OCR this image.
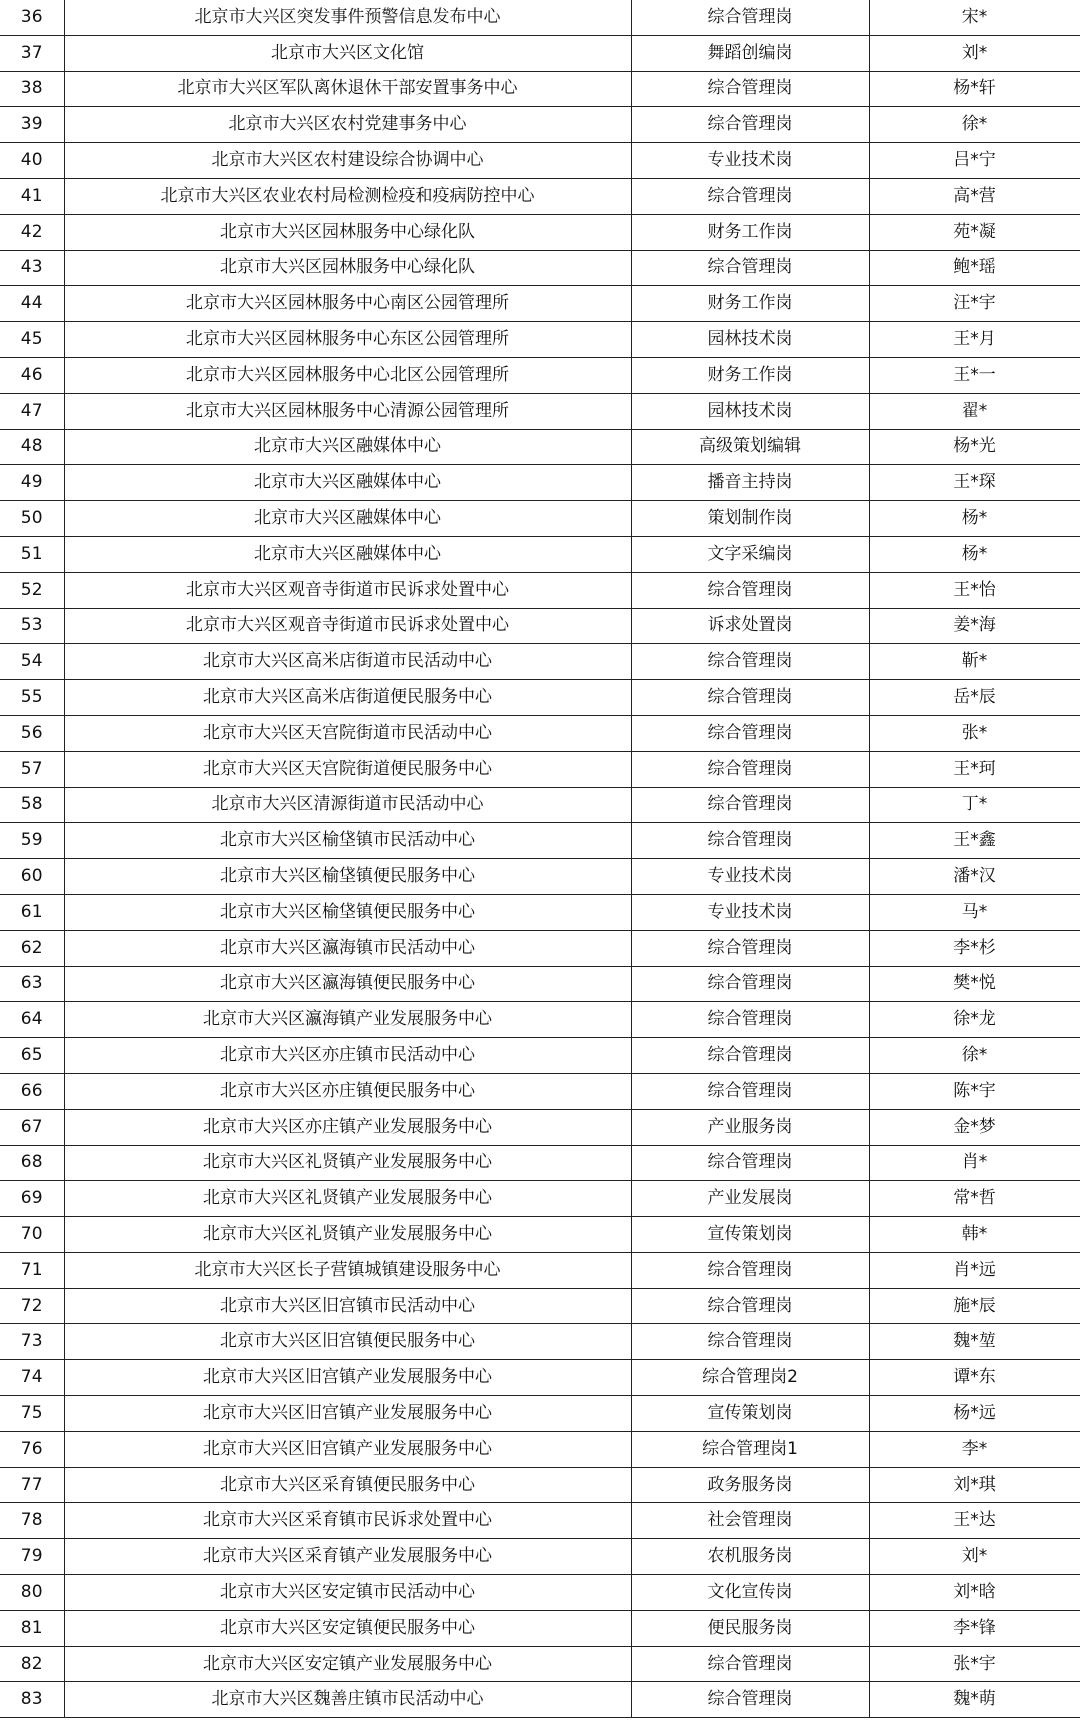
36	北京市大兴区突发事件预警信息发布中心	综合管理岗	宋*
37	北京市大兴区文化馆	舞蹈创编岗	刘*
38	北京市大兴区军队离休退休干部安置事务中心	综合管理岗	杨*轩
39	北京市大兴区农村党建事务中心	综合管理岗	徐*
40	北京市大兴区农村建设综合协调中心	专业技术岗	吕*宁
41	北京市大兴区农业农村局检测检疫和疫病防控中心	综合管理岗	高*营
42	北京市大兴区园林服务中心绿化队	财务工作岗	苑*凝
43	北京市大兴区园林服务中心绿化队	综合管理岗	鲍*瑶
44	北京市大兴区园林服务中心南区公园管理所	财务工作岗	汪*宇
45	北京市大兴区园林服务中心东区公园管理所	园林技术岗	王*月
46	北京市大兴区园林服务中心北区公园管理所	财务工作岗	王*一
47	北京市大兴区园林服务中心清源公园管理所	园林技术岗	翟*
48	北京市大兴区融媒体中心	高级策划编辑	杨*光
49	北京市大兴区融媒体中心	播音主持岗	王*琛
50	北京市大兴区融媒体中心	策划制作岗	杨*
51	北京市大兴区融媒体中心	文字采编岗	杨*
52	北京市大兴区观音寺街道市民诉求处置中心	综合管理岗	王*怡
53	北京市大兴区观音寺街道市民诉求处置中心	诉求处置岗	姜*海
54	北京市大兴区高米店街道市民活动中心	综合管理岗	靳*
55	北京市大兴区高米店街道便民服务中心	综合管理岗	岳*辰
56	北京市大兴区天宫院街道市民活动中心	综合管理岗	张*
57	北京市大兴区天宫院街道便民服务中心	综合管理岗	王*珂
58	北京市大兴区清源街道市民活动中心	综合管理岗	丁*
59	北京市大兴区榆垡镇市民活动中心	综合管理岗	王*鑫
60	北京市大兴区榆垡镇便民服务中心	专业技术岗	潘*汉
61	北京市大兴区榆垡镇便民服务中心	专业技术岗	马*
62	北京市大兴区瀛海镇市民活动中心	综合管理岗	李*杉
63	北京市大兴区瀛海镇便民服务中心	综合管理岗	樊*悦
64	北京市大兴区瀛海镇产业发展服务中心	综合管理岗	徐*龙
65	北京市大兴区亦庄镇市民活动中心	综合管理岗	徐*
66	北京市大兴区亦庄镇便民服务中心	综合管理岗	陈*宇
67	北京市大兴区亦庄镇产业发展服务中心	产业服务岗	金*梦
68	北京市大兴区礼贤镇产业发展服务中心	综合管理岗	肖*
69	北京市大兴区礼贤镇产业发展服务中心	产业发展岗	常*哲
70	北京市大兴区礼贤镇产业发展服务中心	宣传策划岗	韩*
71	北京市大兴区长子营镇城镇建设服务中心	综合管理岗	肖*远
72	北京市大兴区旧宫镇市民活动中心	综合管理岗	施*辰
73	北京市大兴区旧宫镇便民服务中心	综合管理岗	魏*堃
74	北京市大兴区旧宫镇产业发展服务中心	综合管理岗2	谭*东
75	北京市大兴区旧宫镇产业发展服务中心	宣传策划岗	杨*远
76	北京市大兴区旧宫镇产业发展服务中心	综合管理岗1	李*
77	北京市大兴区采育镇便民服务中心	政务服务岗	刘*琪
78	北京市大兴区采育镇市民诉求处置中心	社会管理岗	王*达
79	北京市大兴区采育镇产业发展服务中心	农机服务岗	刘*
80	北京市大兴区安定镇市民活动中心	文化宣传岗	刘*晗
81	北京市大兴区安定镇便民服务中心	便民服务岗	李*锋
82	北京市大兴区安定镇产业发展服务中心	综合管理岗	张*宇
83	北京市大兴区魏善庄镇市民活动中心	综合管理岗	魏*萌
